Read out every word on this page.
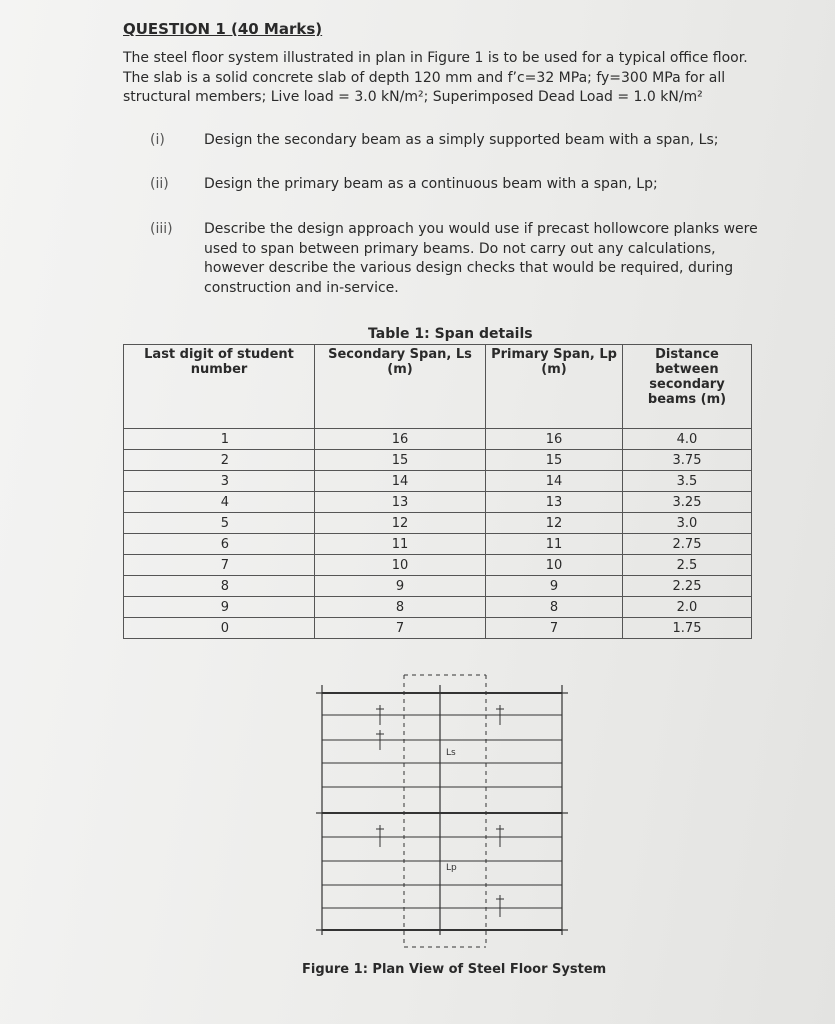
QUESTION 1 (40 Marks)
The steel floor system illustrated in plan in Figure 1 is to be used for a typical office floor.
The slab is a solid concrete slab of depth 120 mm and f’c=32 MPa; fy=300 MPa for all
structural members; Live load = 3.0 kN/m²; Superimposed Dead Load = 1.0 kN/m²
(i)	Design the secondary beam as a simply supported beam with a span, Ls;
(ii)	Design the primary beam as a continuous beam with a span, Lp;
(iii) Describe the design approach you would use if precast hollowcore planks were used to span between primary beams. Do not carry out any calculations, however describe the various design checks that would be required, during construction and in-service.
Table 1: Span details
Last digit of student number	Secondary Span, Ls (m)	Primary Span, Lp (m)	Distance between secondary beams (m)
1	16	16	4.0
2	15	15	3.75
3	14	14	3.5
4	13	13	3.25
5	12	12	3.0
6	11	11	2.75
7	10	10	2.5
8	9	9	2.25
9	8	8	2.0
0	7	7	1.75
Ls
Lp
Figure 1: Plan View of Steel Floor System
